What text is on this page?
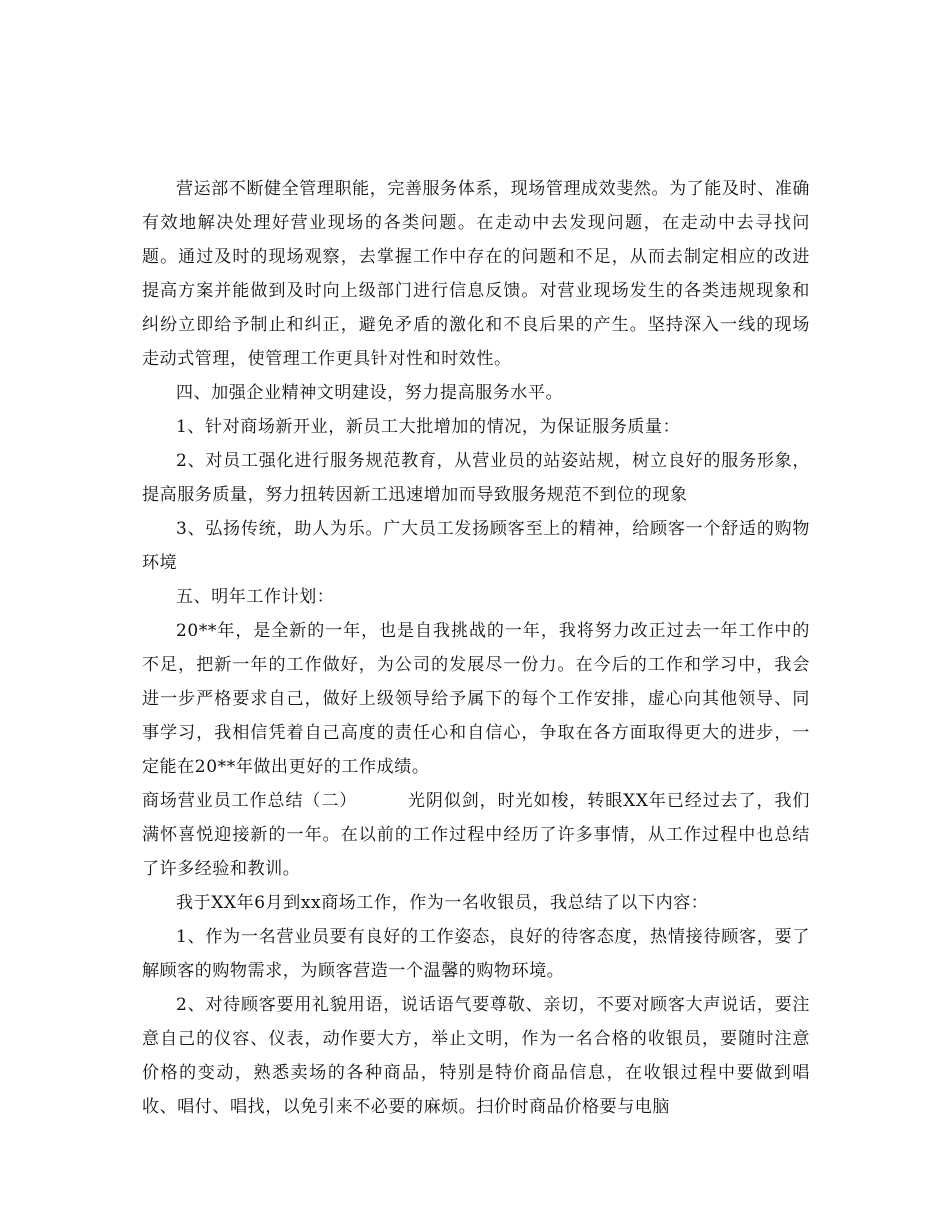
营运部不断健全管理职能，完善服务体系，现场管理成效斐然。为了能及时、准确有效地解决处理好营业现场的各类问题。在走动中去发现问题，在走动中去寻找问题。通过及时的现场观察，去掌握工作中存在的问题和不足，从而去制定相应的改进提高方案并能做到及时向上级部门进行信息反馈。对营业现场发生的各类违规现象和纠纷立即给予制止和纠正，避免矛盾的激化和不良后果的产生。坚持深入一线的现场走动式管理，使管理工作更具针对性和时效性。

四、加强企业精神文明建设，努力提高服务水平。

1、针对商场新开业，新员工大批增加的情况，为保证服务质量：

2、对员工强化进行服务规范教育，从营业员的站姿站规，树立良好的服务形象，提高服务质量，努力扭转因新工迅速增加而导致服务规范不到位的现象

3、弘扬传统，助人为乐。广大员工发扬顾客至上的精神，给顾客一个舒适的购物环境

五、明年工作计划：

20**年，是全新的一年，也是自我挑战的一年，我将努力改正过去一年工作中的不足，把新一年的工作做好，为公司的发展尽一份力。在今后的工作和学习中，我会进一步严格要求自己，做好上级领导给予属下的每个工作安排，虚心向其他领导、同事学习，我相信凭着自己高度的责任心和自信心，争取在各方面取得更大的进步，一定能在20**年做出更好的工作成绩。

商场营业员工作总结（二）        光阴似剑，时光如梭，转眼XX年已经过去了，我们满怀喜悦迎接新的一年。在以前的工作过程中经历了许多事情，从工作过程中也总结了许多经验和教训。

我于XX年6月到xx商场工作，作为一名收银员，我总结了以下内容：

1、作为一名营业员要有良好的工作姿态，良好的待客态度，热情接待顾客，要了解顾客的购物需求，为顾客营造一个温馨的购物环境。

2、对待顾客要用礼貌用语，说话语气要尊敬、亲切，不要对顾客大声说话，要注意自己的仪容、仪表，动作要大方，举止文明，作为一名合格的收银员，要随时注意价格的变动，熟悉卖场的各种商品，特别是特价商品信息，在收银过程中要做到唱收、唱付、唱找，以免引来不必要的麻烦。扫价时商品价格要与电脑
